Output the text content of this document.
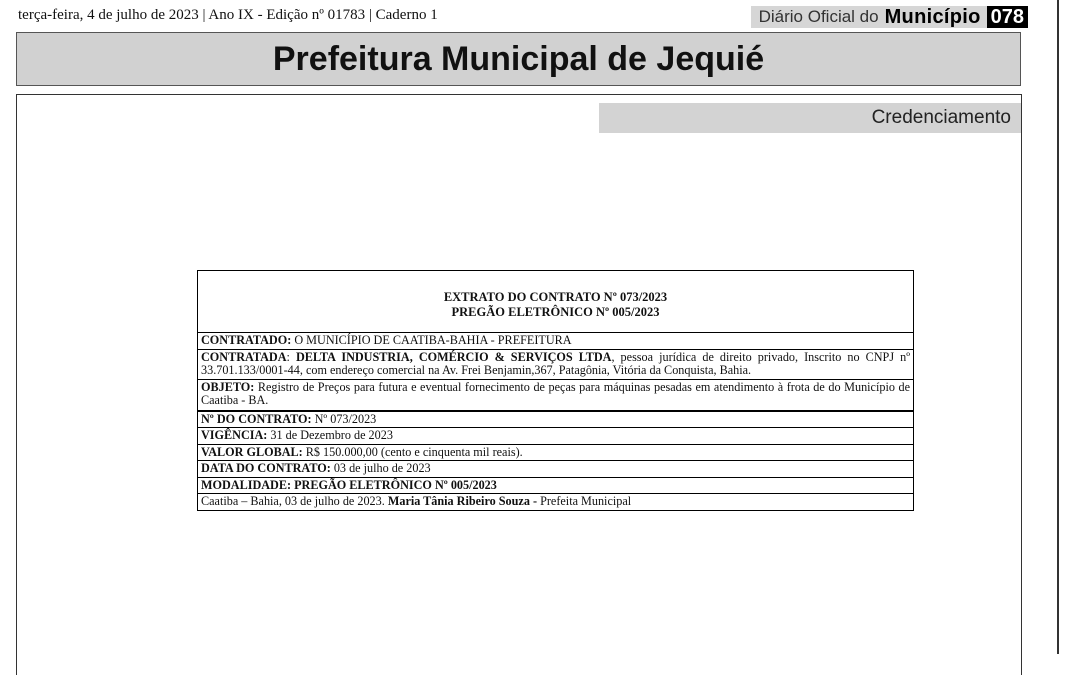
terça-feira, 4 de julho de 2023 | Ano IX - Edição nº 01783 | Caderno 1	Diário Oficial do Município 078
Prefeitura Municipal de Jequié
Credenciamento
EXTRATO DO CONTRATO Nº 073/2023
PREGÃO ELETRÔNICO Nº 005/2023
CONTRATADO: O MUNICÍPIO DE CAATIBA-BAHIA - PREFEITURA
CONTRATADA: DELTA INDUSTRIA, COMÉRCIO & SERVIÇOS LTDA, pessoa jurídica de direito privado, Inscrito no CNPJ nº 33.701.133/0001-44, com endereço comercial na Av. Frei Benjamin,367, Patagônia, Vitória da Conquista, Bahia.
OBJETO: Registro de Preços para futura e eventual fornecimento de peças para máquinas pesadas em atendimento à frota de do Município de Caatiba - BA.
Nº DO CONTRATO: Nº 073/2023
VIGÊNCIA: 31 de Dezembro de 2023
VALOR GLOBAL: R$ 150.000,00 (cento e cinquenta mil reais).
DATA DO CONTRATO: 03 de julho de 2023
MODALIDADE: PREGÃO ELETRÔNICO Nº 005/2023
Caatiba – Bahia, 03 de julho de 2023. Maria Tânia Ribeiro Souza - Prefeita Municipal
